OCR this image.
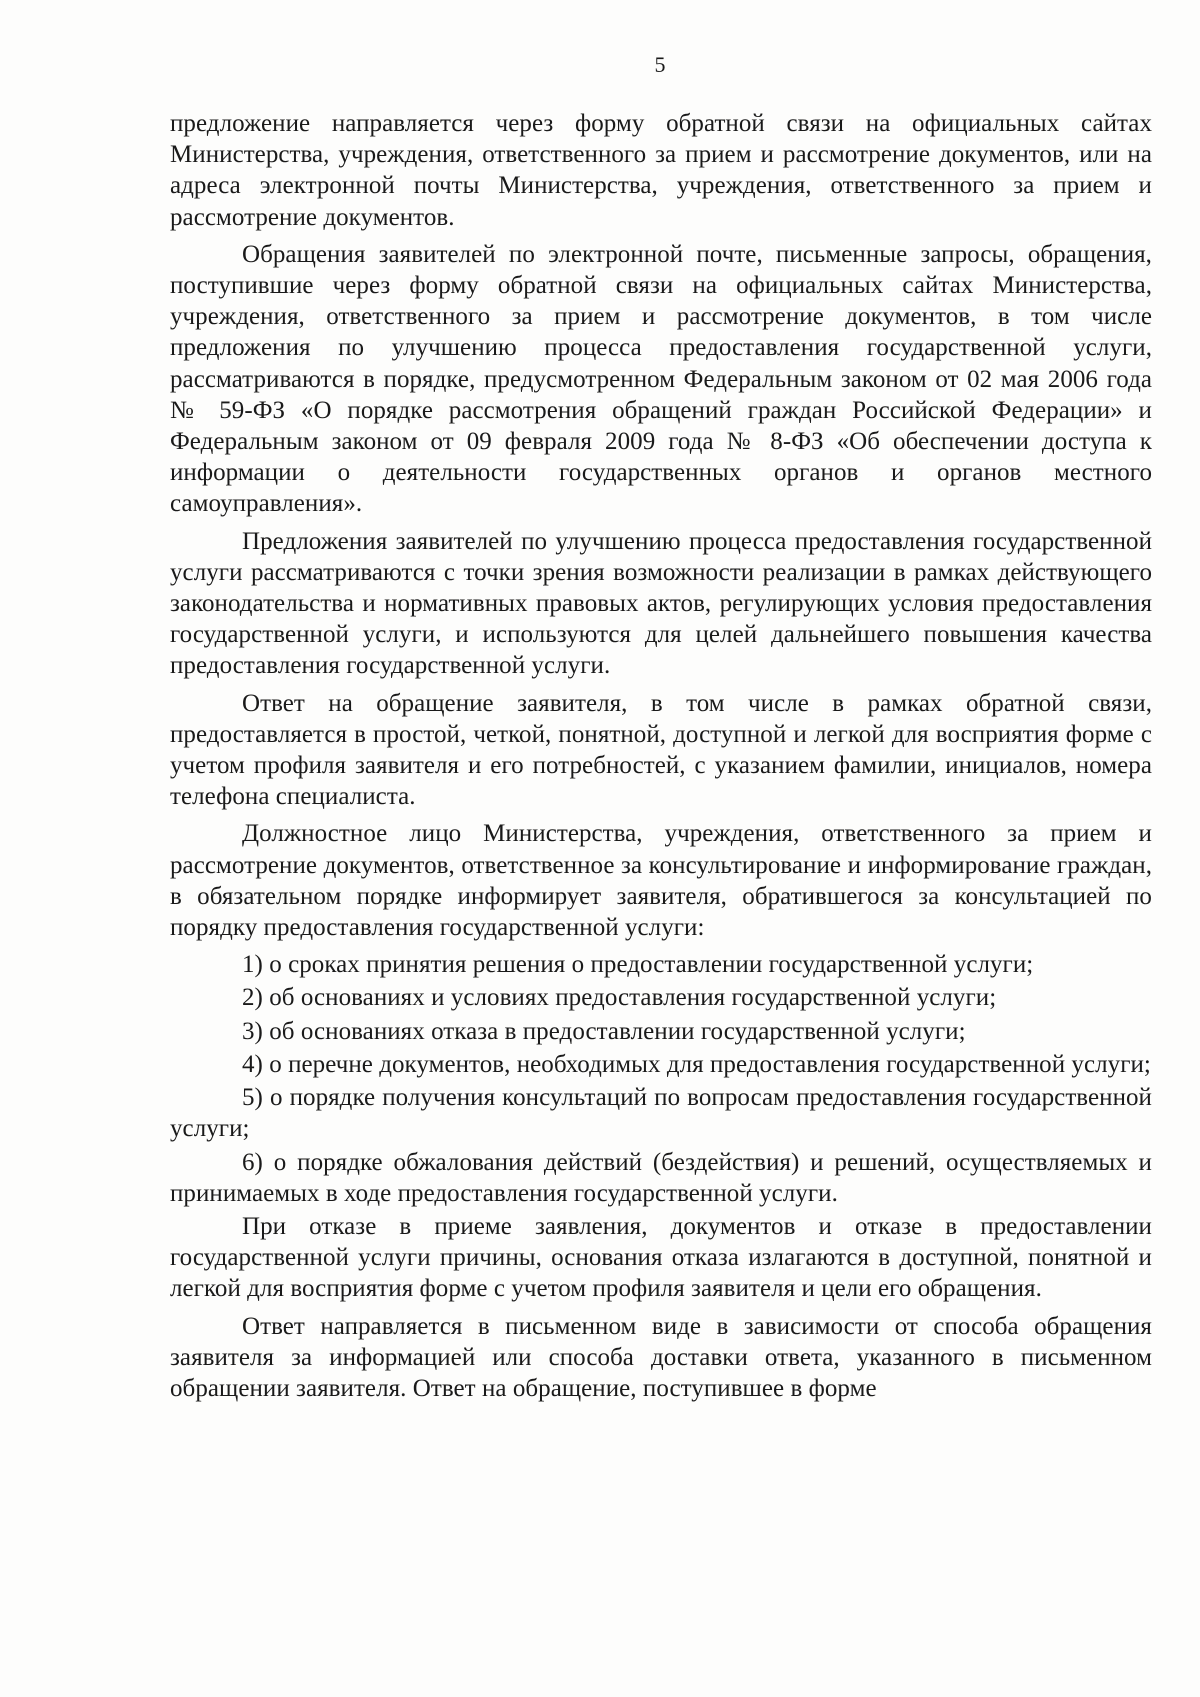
5

предложение направляется через форму обратной связи на официальных сайтах Министерства, учреждения, ответственного за прием и рассмотрение документов, или на адреса электронной почты Министерства, учреждения, ответственного за прием и рассмотрение документов.

Обращения заявителей по электронной почте, письменные запросы, обращения, поступившие через форму обратной связи на официальных сайтах Министерства, учреждения, ответственного за прием и рассмотрение документов, в том числе предложения по улучшению процесса предоставления государственной услуги, рассматриваются в порядке, предусмотренном Федеральным законом от 02 мая 2006 года № 59-ФЗ «О порядке рассмотрения обращений граждан Российской Федерации» и Федеральным законом от 09 февраля 2009 года № 8-ФЗ «Об обеспечении доступа к информации о деятельности государственных органов и органов местного самоуправления».

Предложения заявителей по улучшению процесса предоставления государственной услуги рассматриваются с точки зрения возможности реализации в рамках действующего законодательства и нормативных правовых актов, регулирующих условия предоставления государственной услуги, и используются для целей дальнейшего повышения качества предоставления государственной услуги.

Ответ на обращение заявителя, в том числе в рамках обратной связи, предоставляется в простой, четкой, понятной, доступной и легкой для восприятия форме с учетом профиля заявителя и его потребностей, с указанием фамилии, инициалов, номера телефона специалиста.

Должностное лицо Министерства, учреждения, ответственного за прием и рассмотрение документов, ответственное за консультирование и информирование граждан, в обязательном порядке информирует заявителя, обратившегося за консультацией по порядку предоставления государственной услуги:

1) о сроках принятия решения о предоставлении государственной услуги;

2) об основаниях и условиях предоставления государственной услуги;

3) об основаниях отказа в предоставлении государственной услуги;

4) о перечне документов, необходимых для предоставления государственной услуги;

5) о порядке получения консультаций по вопросам предоставления государственной услуги;

6) о порядке обжалования действий (бездействия) и решений, осуществляемых и принимаемых в ходе предоставления государственной услуги.

При отказе в приеме заявления, документов и отказе в предоставлении государственной услуги причины, основания отказа излагаются в доступной, понятной и легкой для восприятия форме с учетом профиля заявителя и цели его обращения.

Ответ направляется в письменном виде в зависимости от способа обращения заявителя за информацией или способа доставки ответа, указанного в письменном обращении заявителя. Ответ на обращение, поступившее в форме
